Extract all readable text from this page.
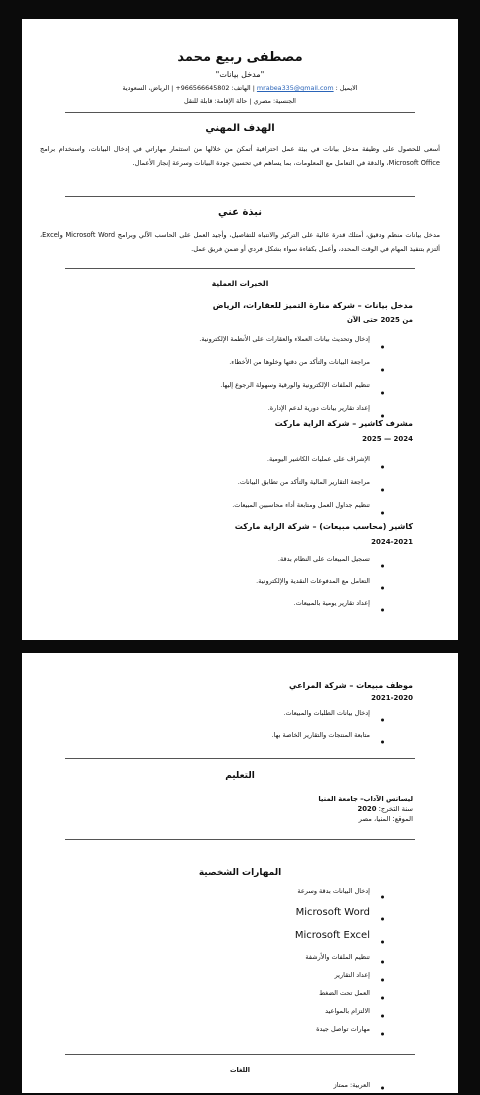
مصطفى ربيع محمد
"مدخل بيانات"
الايميل : mrabea335@gmail.com | الهاتف: 966566645802+ | الرياض، السعودية
الجنسية: مصري | حالة الإقامة: قابلة للنقل
الهدف المهني
أسعى للحصول على وظيفة مدخل بيانات في بيئة عمل احترافية أتمكن من خلالها من استثمار مهاراتي في إدخال البيانات، واستخدام برامج Microsoft Office، والدقة في التعامل مع المعلومات، بما يساهم في تحسين جودة البيانات وسرعة إنجاز الأعمال.
نبذة عني
مدخل بيانات منظم ودقيق، أمتلك قدرة عالية على التركيز والانتباه للتفاصيل، وأجيد العمل على الحاسب الآلي وبرامج Microsoft Word وExcel، ألتزم بتنفيذ المهام في الوقت المحدد، وأعمل بكفاءة سواء بشكل فردي أو ضمن فريق عمل.
الخبرات العملية
مدخل بيانات – شركة منارة التميز للعقارات، الرياض
من 2025 حتى الآن
إدخال وتحديث بيانات العملاء والعقارات على الأنظمة الإلكترونية.
مراجعة البيانات والتأكد من دقتها وخلوها من الأخطاء.
تنظيم الملفات الإلكترونية والورقية وسهولة الرجوع إليها.
إعداد تقارير بيانات دورية لدعم الإدارة.
مشرف كاشير – شركة الراية ماركت
2024 — 2025
الإشراف على عمليات الكاشير اليومية.
مراجعة التقارير المالية والتأكد من تطابق البيانات.
تنظيم جداول العمل ومتابعة أداء محاسبين المبيعات.
كاشير (محاسب مبيعات) – شركة الراية ماركت
2024-2021
تسجيل المبيعات على النظام بدقة.
التعامل مع المدفوعات النقدية والإلكترونية.
إعداد تقارير يومية بالمبيعات.
موظف مبيعات – شركة المراعي
2021-2020
إدخال بيانات الطلبات والمبيعات.
متابعة المنتجات والتقارير الخاصة بها.
التعليم
ليسانس الآداب– جامعة المنيا
سنة التخرج: 2020
الموقع: المنيا، مصر
المهارات الشخصية
إدخال البيانات بدقة وسرعة
Microsoft Word
Microsoft Excel
تنظيم الملفات والأرشفة
إعداد التقارير
العمل تحت الضغط
الالتزام بالمواعيد
مهارات تواصل جيدة
اللغات
العربية: ممتاز
